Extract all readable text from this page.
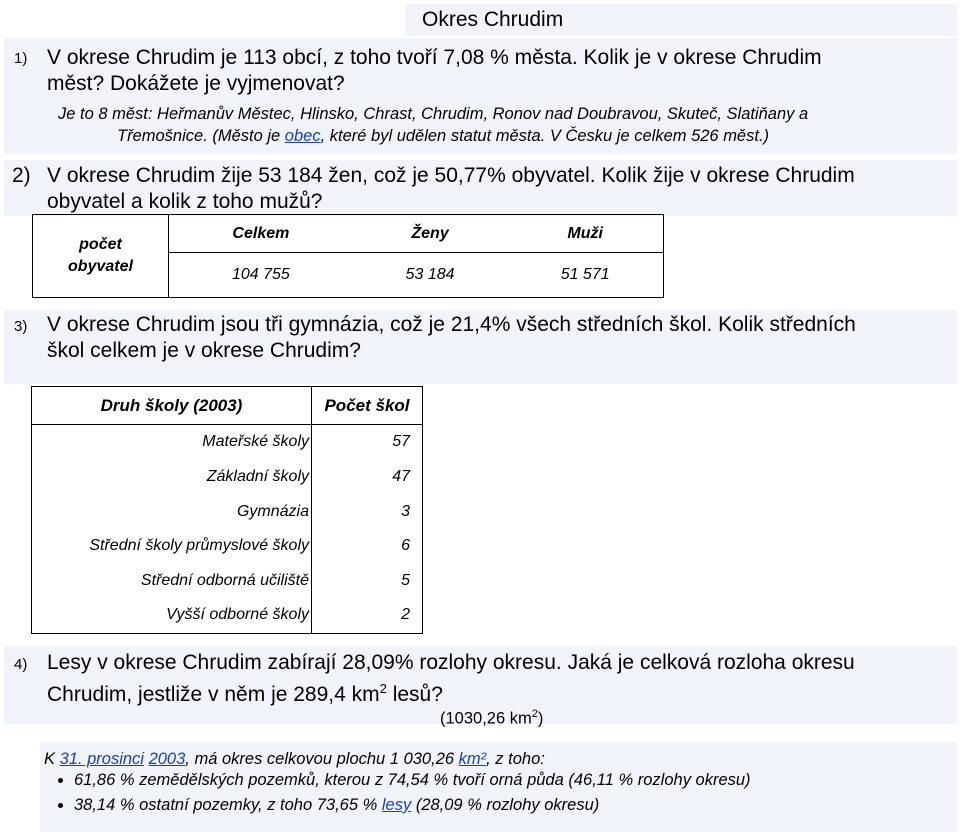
Okres Chrudim
1) V okrese Chrudim je 113 obcí, z toho tvoří 7,08 % města. Kolik je v okrese Chrudim
měst? Dokážete je vyjmenovat?
Je to 8 měst: Heřmanův Městec, Hlinsko, Chrast, Chrudim, Ronov nad Doubravou, Skuteč, Slatiňany a
Třemošnice. (Město je obec, které byl udělen statut města. V Česku je celkem 526 měst.)
2) V okrese Chrudim žije 53 184 žen, což je 50,77% obyvatel. Kolik žije v okrese Chrudim
obyvatel a kolik z toho mužů?
počet
obyvatel	Celkem	Ženy	Muži
	104 755	53 184	51 571
3) V okrese Chrudim jsou tři gymnázia, což je 21,4% všech středních škol. Kolik středních
škol celkem je v okrese Chrudim?
Druh školy (2003)	Počet škol
Mateřské školy	57
Základní školy	47
Gymnázia	3
Střední školy průmyslové školy	6
Střední odborná učiliště	5
Vyšší odborné školy	2
4) Lesy v okrese Chrudim zabírají 28,09% rozlohy okresu. Jaká je celková rozloha okresu
Chrudim, jestliže v něm je 289,4 $km^2$ lesů?
(1030,26 $km^2$)
K 31. prosinci 2003, má okres celkovou plochu 1 030,26 km², z toho:
• 61,86 % zemědělských pozemků, kterou z 74,54 % tvoří orná půda (46,11 % rozlohy okresu)
• 38,14 % ostatní pozemky, z toho 73,65 % lesy (28,09 % rozlohy okresu)
